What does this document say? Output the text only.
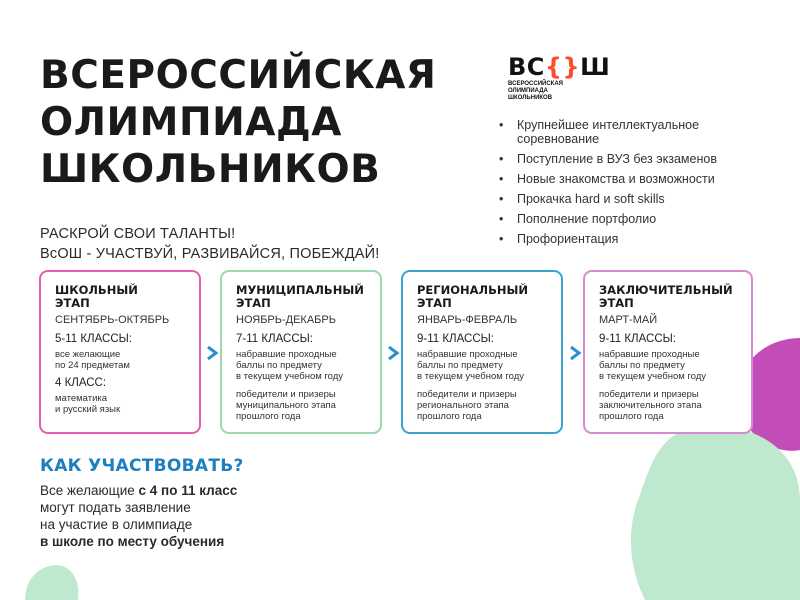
ВСЕРОССИЙСКАЯ
ОЛИМПИАДА
ШКОЛЬНИКОВ
ВС{}Ш
ВСЕРОССИЙСКАЯ
ОЛИМПИАДА
ШКОЛЬНИКОВ
• Крупнейшее интеллектуальное соревнование
• Поступление в ВУЗ без экзаменов
• Новые знакомства и возможности
• Прокачка hard и soft skills
• Пополнение портфолио
• Профориентация
РАСКРОЙ СВОИ ТАЛАНТЫ!
ВсОШ - УЧАСТВУЙ, РАЗВИВАЙСЯ, ПОБЕЖДАЙ!
ШКОЛЬНЫЙ
ЭТАП
СЕНТЯБРЬ-ОКТЯБРЬ
5-11 КЛАССЫ:
все желающие
по 24 предметам
4 КЛАСС:
математика
и русский язык
МУНИЦИПАЛЬНЫЙ
ЭТАП
НОЯБРЬ-ДЕКАБРЬ
7-11 КЛАССЫ:
набравшие проходные
баллы по предмету
в текущем учебном году
победители и призеры
муниципального этапа
прошлого года
РЕГИОНАЛЬНЫЙ
ЭТАП
ЯНВАРЬ-ФЕВРАЛЬ
9-11 КЛАССЫ:
набравшие проходные
баллы по предмету
в текущем учебном году
победители и призеры
регионального этапа
прошлого года
ЗАКЛЮЧИТЕЛЬНЫЙ
ЭТАП
МАРТ-МАЙ
9-11 КЛАССЫ:
набравшие проходные
баллы по предмету
в текущем учебном году
победители и призеры
заключительного этапа
прошлого года
КАК УЧАСТВОВАТЬ?
Все желающие с 4 по 11 класс
могут подать заявление
на участие в олимпиаде
в школе по месту обучения
